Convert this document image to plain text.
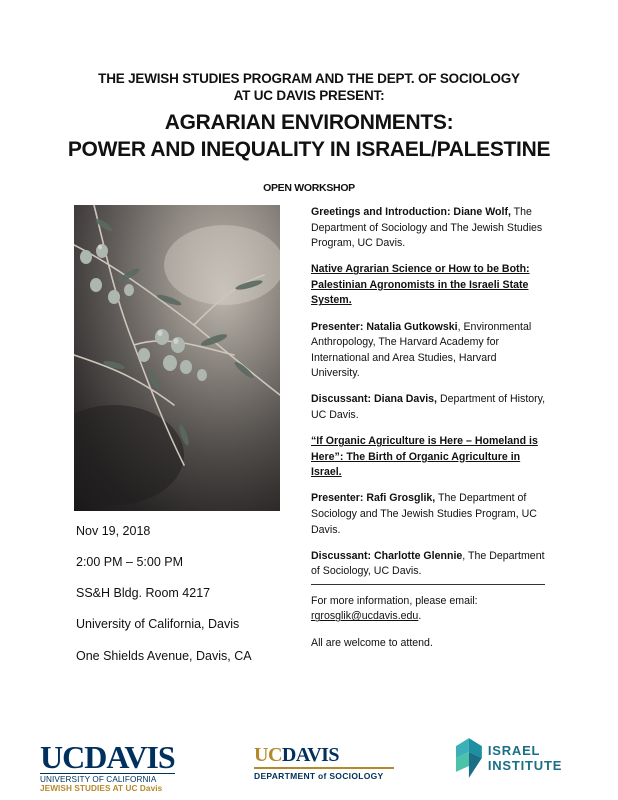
THE JEWISH STUDIES PROGRAM AND THE DEPT. OF SOCIOLOGY
AT UC DAVIS PRESENT:
AGRARIAN ENVIRONMENTS:
POWER AND INEQUALITY IN ISRAEL/PALESTINE
OPEN WORKSHOP
Nov 19, 2018
2:00 PM – 5:00 PM
SS&H Bldg. Room 4217
University of California, Davis
One Shields Avenue, Davis, CA

Greetings and Introduction: Diane Wolf, The Department of Sociology and The Jewish Studies Program, UC Davis.

Native Agrarian Science or How to be Both: Palestinian Agronomists in the Israeli State System.

Presenter: Natalia Gutkowski, Environmental Anthropology, The Harvard Academy for International and Area Studies, Harvard University.

Discussant: Diana Davis, Department of History, UC Davis.

“If Organic Agriculture is Here – Homeland is Here”: The Birth of Organic Agriculture in Israel.

Presenter: Rafi Grosglik, The Department of Sociology and The Jewish Studies Program, UC Davis.

Discussant: Charlotte Glennie, The Department of Sociology, UC Davis.

For more information, please email:
rgrosglik@ucdavis.edu.

All are welcome to attend.

UCDAVIS
UNIVERSITY OF CALIFORNIA
JEWISH STUDIES AT UC Davis
UCDAVIS
DEPARTMENT of SOCIOLOGY
ISRAEL INSTITUTE
